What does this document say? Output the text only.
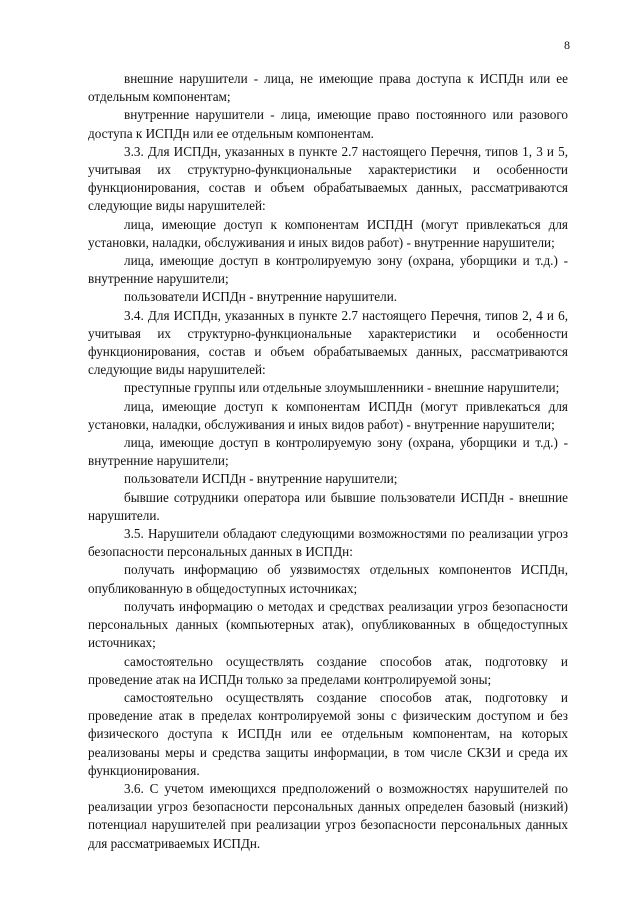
8

внешние нарушители - лица, не имеющие права доступа к ИСПДн или ее отдельным компонентам;

внутренние нарушители - лица, имеющие право постоянного или разового доступа к ИСПДн или ее отдельным компонентам.

3.3. Для ИСПДн, указанных в пункте 2.7 настоящего Перечня, типов 1, 3 и 5, учитывая их структурно-функциональные характеристики и особенности функционирования, состав и объем обрабатываемых данных, рассматриваются следующие виды нарушителей:

лица, имеющие доступ к компонентам ИСПДН (могут привлекаться для установки, наладки, обслуживания и иных видов работ) - внутренние нарушители;

лица, имеющие доступ в контролируемую зону (охрана, уборщики и т.д.) - внутренние нарушители;

пользователи ИСПДн - внутренние нарушители.

3.4. Для ИСПДн, указанных в пункте 2.7 настоящего Перечня, типов 2, 4 и 6, учитывая их структурно-функциональные характеристики и особенности функционирования, состав и объем обрабатываемых данных, рассматриваются следующие виды нарушителей:

преступные группы или отдельные злоумышленники - внешние нарушители;

лица, имеющие доступ к компонентам ИСПДн (могут привлекаться для установки, наладки, обслуживания и иных видов работ) - внутренние нарушители;

лица, имеющие доступ в контролируемую зону (охрана, уборщики и т.д.) - внутренние нарушители;

пользователи ИСПДн - внутренние нарушители;

бывшие сотрудники оператора или бывшие пользователи ИСПДн - внешние нарушители.

3.5. Нарушители обладают следующими возможностями по реализации угроз безопасности персональных данных в ИСПДн:

получать информацию об уязвимостях отдельных компонентов ИСПДн, опубликованную в общедоступных источниках;

получать информацию о методах и средствах реализации угроз безопасности персональных данных (компьютерных атак), опубликованных в общедоступных источниках;

самостоятельно осуществлять создание способов атак, подготовку и проведение атак на ИСПДн только за пределами контролируемой зоны;

самостоятельно осуществлять создание способов атак, подготовку и проведение атак в пределах контролируемой зоны с физическим доступом и без физического доступа к ИСПДн или ее отдельным компонентам, на которых реализованы меры и средства защиты информации, в том числе СКЗИ и среда их функционирования.

3.6. С учетом имеющихся предположений о возможностях нарушителей по реализации угроз безопасности персональных данных определен базовый (низкий) потенциал нарушителей при реализации угроз безопасности персональных данных для рассматриваемых ИСПДн.
